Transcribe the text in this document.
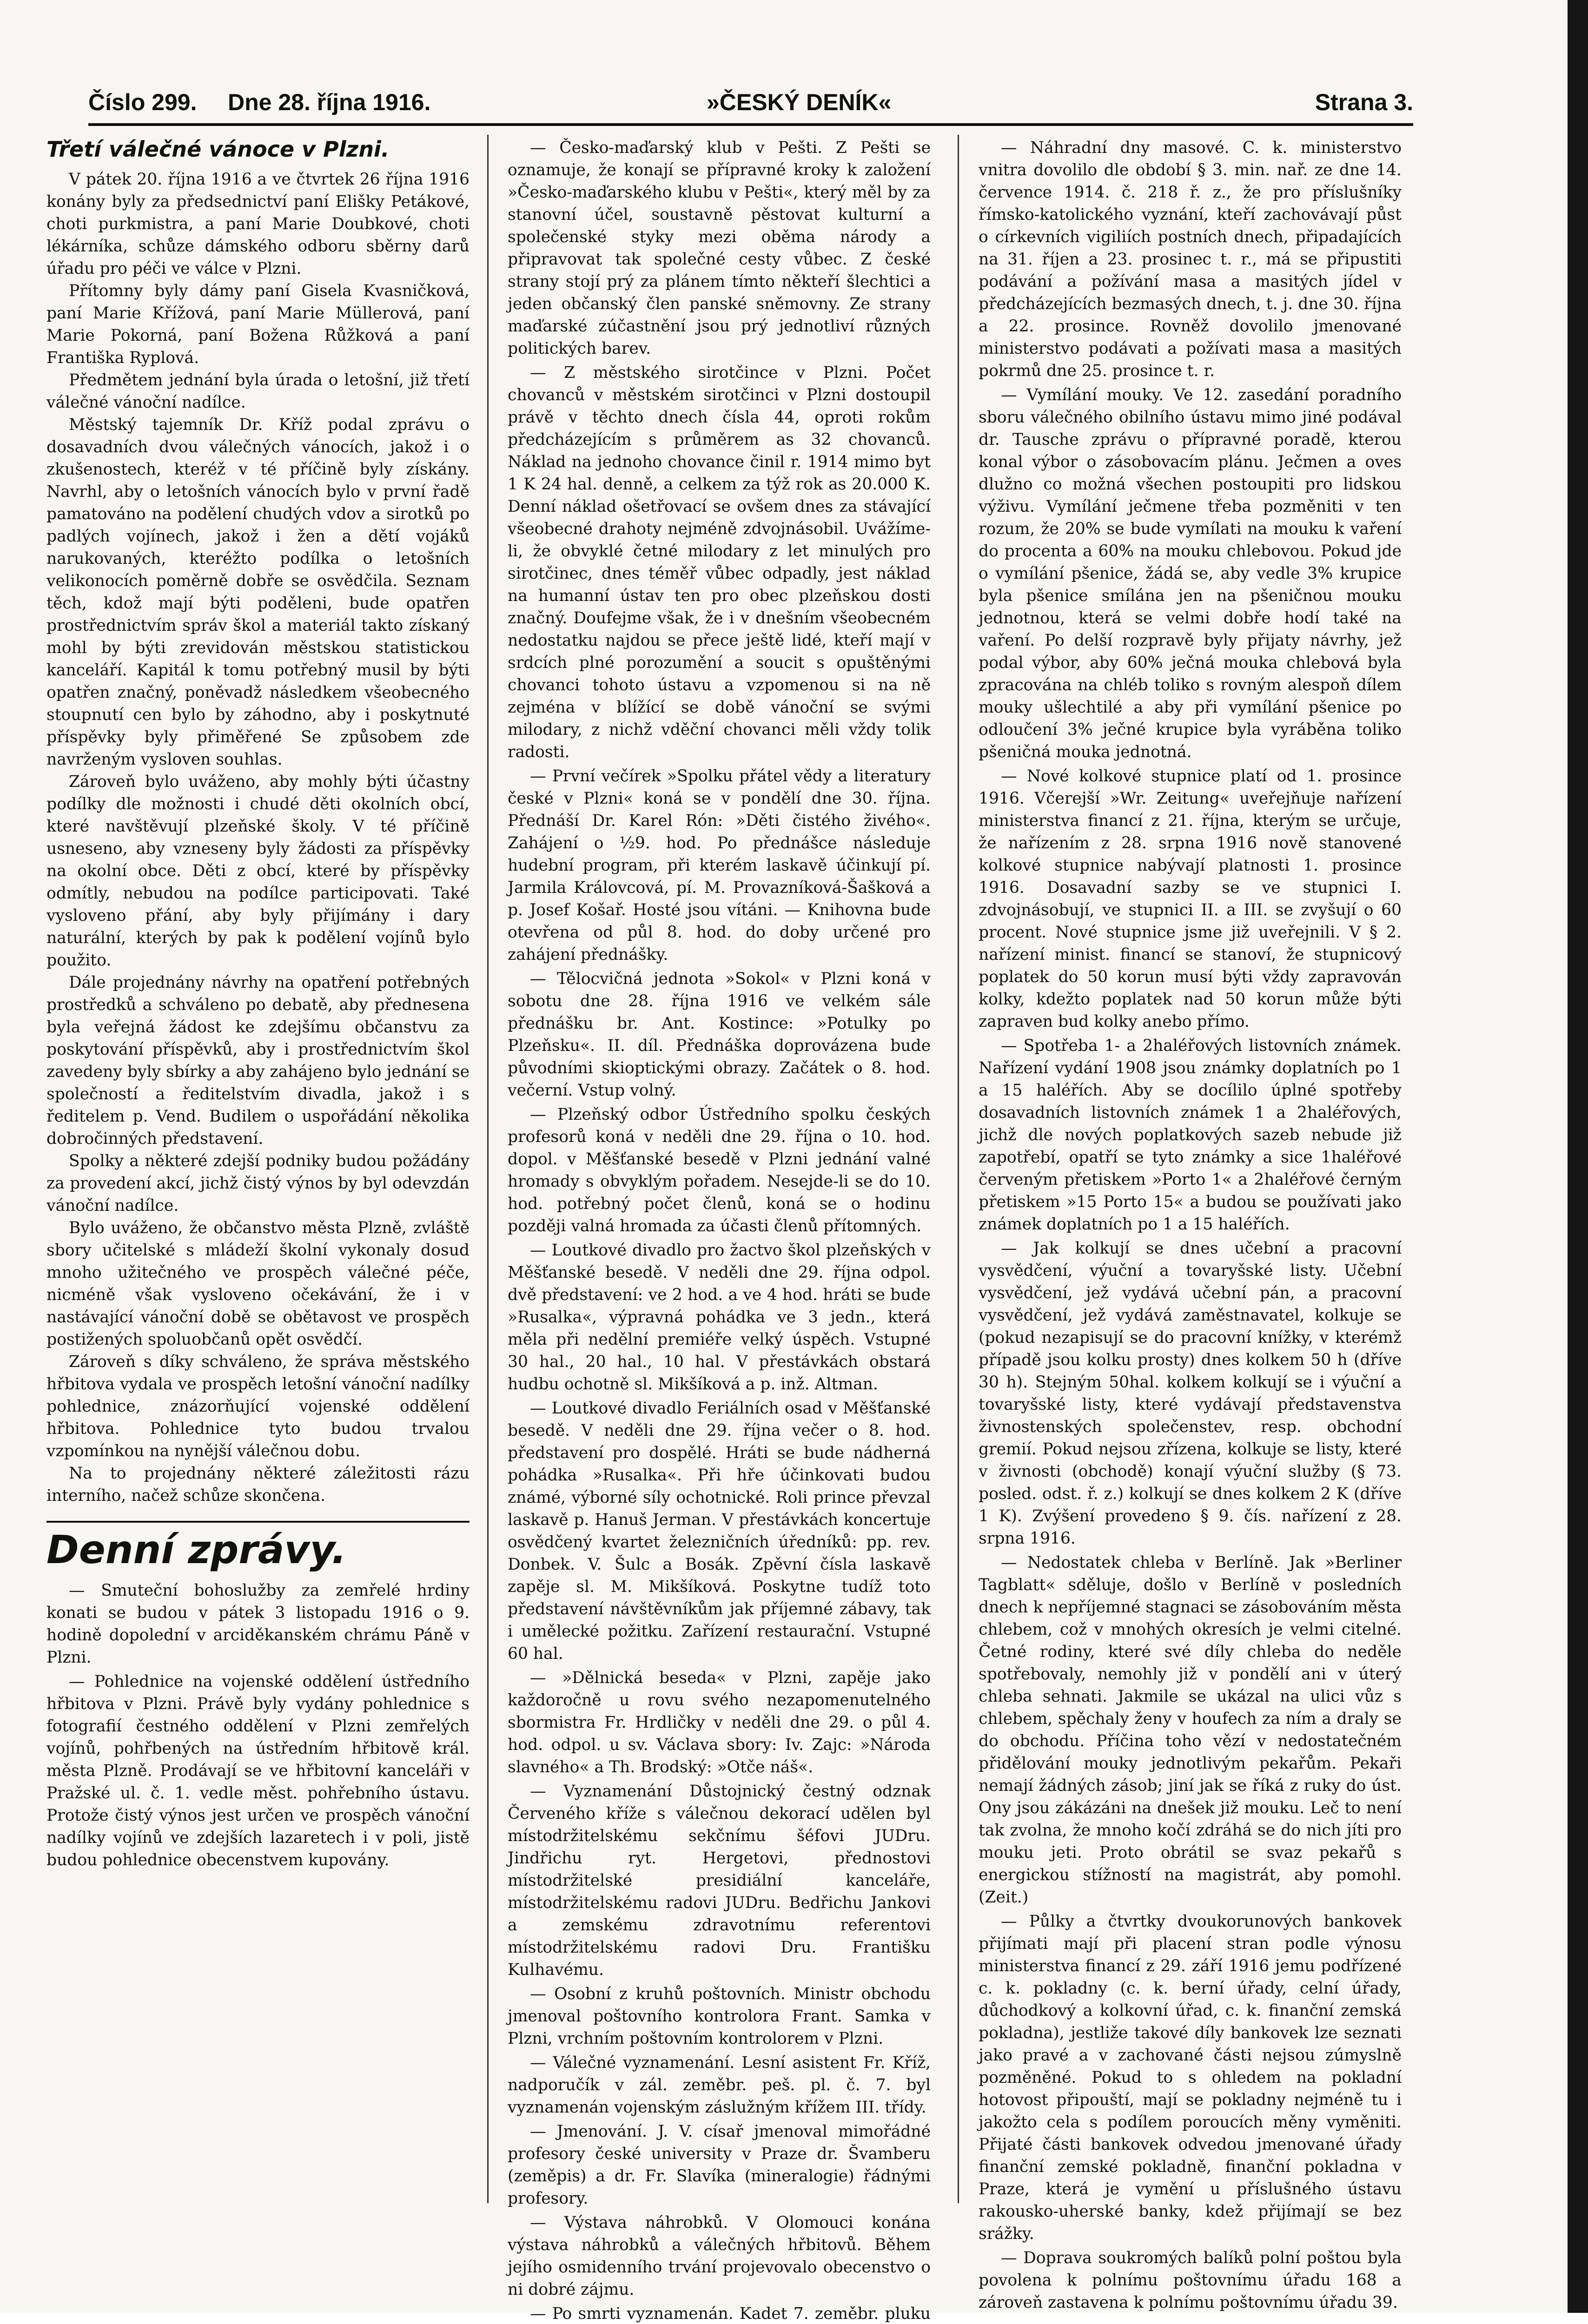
Číslo 299. Dne 28. října 1916.	»ČESKÝ DENÍK«	Strana 3.
Třetí válečné vánoce v Plzni.

V pátek 20. října 1916 a ve čtvrtek 26 října 1916 konány byly za předsednictví paní Elišky Petákové, choti purkmistra, a paní Marie Doubkové, choti lékárníka, schůze dámského odboru sběrny darů úřadu pro péči ve válce v Plzni.

Přítomny byly dámy paní Gisela Kvasničková, paní Marie Křížová, paní Marie Müllerová, paní Marie Pokorná, paní Božena Růžková a paní Františka Ryplová.

Předmětem jednání byla úrada o letošní, již třetí válečné vánoční nadílce.

Městský tajemník Dr. Kříž podal zprávu o dosavadních dvou válečných vánocích, jakož i o zkušenostech, kteréž v té příčině byly získány. Navrhl, aby o letošních vánocích bylo v první řadě pamatováno na podělení chudých vdov a sirotků po padlých vojínech, jakož i žen a dětí vojáků narukovaných, kteréžto podílka o letošních velikonocích poměrně dobře se osvědčila. Seznam těch, kdož mají býti poděleni, bude opatřen prostřednictvím správ škol a materiál takto získaný mohl by býti zrevidován městskou statistickou kanceláří. Kapitál k tomu potřebný musil by býti opatřen značný, poněvadž následkem všeobecného stoupnutí cen bylo by záhodno, aby i poskytnuté příspěvky byly přiměřené Se způsobem zde navrženým vysloven souhlas.

Zároveň bylo uváženo, aby mohly býti účastny podílky dle možnosti i chudé děti okolních obcí, které navštěvují plzeňské školy. V té příčině usneseno, aby vzneseny byly žádosti za příspěvky na okolní obce. Děti z obcí, které by příspěvky odmítly, nebudou na podílce participovati. Také vysloveno přání, aby byly přijímány i dary naturální, kterých by pak k podělení vojínů bylo použito.

Dále projednány návrhy na opatření potřebných prostředků a schváleno po debatě, aby přednesena byla veřejná žádost ke zdejšímu občanstvu za poskytování příspěvků, aby i prostřednictvím škol zavedeny byly sbírky a aby zahájeno bylo jednání se společností a ředitelstvím divadla, jakož i s ředitelem p. Vend. Budilem o uspořádání několika dobročinných představení.

Spolky a některé zdejší podniky budou požádány za provedení akcí, jichž čistý výnos by byl odevzdán vánoční nadílce.

Bylo uváženo, že občanstvo města Plzně, zvláště sbory učitelské s mládeží školní vykonaly dosud mnoho užitečného ve prospěch válečné péče, nicméně však vysloveno očekávání, že i v nastávající vánoční době se obětavost ve prospěch postižených spoluobčanů opět osvědčí.

Zároveň s díky schváleno, že správa městského hřbitova vydala ve prospěch letošní vánoční nadílky pohlednice, znázorňující vojenské oddělení hřbitova. Pohlednice tyto budou trvalou vzpomínkou na nynější válečnou dobu.

Na to projednány některé záležitosti rázu interního, načež schůze skončena.

Denní zprávy.

— Smuteční bohoslužby za zemřelé hrdiny konati se budou v pátek 3 listopadu 1916 o 9. hodině dopolední v arciděkanském chrámu Páně v Plzni.

— Pohlednice na vojenské oddělení ústředního hřbitova v Plzni. Právě byly vydány pohlednice s fotografií čestného oddělení v Plzni zemřelých vojínů, pohřbených na ústředním hřbitově král. města Plzně. Prodávají se ve hřbitovní kanceláři v Pražské ul. č. 1. vedle měst. pohřebního ústavu. Protože čistý výnos jest určen ve prospěch vánoční nadílky vojínů ve zdejších lazaretech i v poli, jistě budou pohlednice obecenstvem kupovány.

— Česko-maďarský klub v Pešti. Z Pešti se oznamuje, že konají se přípravné kroky k založení »Česko-maďarského klubu v Pešti«, který měl by za stanovní účel, soustavně pěstovat kulturní a společenské styky mezi oběma národy a připravovat tak společné cesty vůbec. Z české strany stojí prý za plánem tímto někteří šlechtici a jeden občanský člen panské sněmovny. Ze strany maďarské zúčastnění jsou prý jednotliví různých politických barev.

— Z městského sirotčince v Plzni. Počet chovanců v městském sirotčinci v Plzni dostoupil právě v těchto dnech čísla 44, oproti rokům předcházejícím s průměrem as 32 chovanců. Náklad na jednoho chovance činil r. 1914 mimo byt 1 K 24 hal. denně, a celkem za týž rok as 20.000 K. Denní náklad ošetřovací se ovšem dnes za stávající všeobecné drahoty nejméně zdvojnásobil. Uvážíme-li, že obvyklé četné milodary z let minulých pro sirotčinec, dnes téměř vůbec odpadly, jest náklad na humanní ústav ten pro obec plzeňskou dosti značný. Doufejme však, že i v dnešním všeobecném nedostatku najdou se přece ještě lidé, kteří mají v srdcích plné porozumění a soucit s opuštěnými chovanci tohoto ústavu a vzpomenou si na ně zejména v blížící se době vánoční se svými milodary, z nichž vděční chovanci měli vždy tolik radosti.

— První večírek »Spolku přátel vědy a literatury české v Plzni« koná se v pondělí dne 30. října. Přednáší Dr. Karel Rón: »Děti čistého živého«. Zahájení o ½9. hod. Po přednášce následuje hudební program, při kterém laskavě účinkují pí. Jarmila Královcová, pí. M. Provazníková-Šašková a p. Josef Košař. Hosté jsou vítáni. — Knihovna bude otevřena od půl 8. hod. do doby určené pro zahájení přednášky.

— Tělocvičná jednota »Sokol« v Plzni koná v sobotu dne 28. října 1916 ve velkém sále přednášku br. Ant. Kostince: »Potulky po Plzeňsku«. II. díl. Přednáška doprovázena bude původními skioptickými obrazy. Začátek o 8. hod. večerní. Vstup volný.

— Plzeňský odbor Ústředního spolku českých profesorů koná v neděli dne 29. října o 10. hod. dopol. v Měšťanské besedě v Plzni jednání valné hromady s obvyklým pořadem. Nesejde-li se do 10. hod. potřebný počet členů, koná se o hodinu později valná hromada za účasti členů přítomných.

— Loutkové divadlo pro žactvo škol plzeňských v Měšťanské besedě. V neděli dne 29. října odpol. dvě představení: ve 2 hod. a ve 4 hod. hráti se bude »Rusalka«, výpravná pohádka ve 3 jedn., která měla při nedělní premiéře velký úspěch. Vstupné 30 hal., 20 hal., 10 hal. V přestávkách obstará hudbu ochotně sl. Mikšíková a p. inž. Altman.

— Loutkové divadlo Feriálních osad v Měšťanské besedě. V neděli dne 29. října večer o 8. hod. představení pro dospělé. Hráti se bude nádherná pohádka »Rusalka«. Při hře účinkovati budou známé, výborné síly ochotnické. Roli prince převzal laskavě p. Hanuš Jerman. V přestávkách koncertuje osvědčený kvartet železničních úředníků: pp. rev. Donbek. V. Šulc a Bosák. Zpěvní čísla laskavě zapěje sl. M. Mikšíková. Poskytne tudíž toto představení návštěvníkům jak příjemné zábavy, tak i umělecké požitku. Zařízení restaurační. Vstupné 60 hal.

— »Dělnická beseda« v Plzni, zapěje jako každoročně u rovu svého nezapomenutelného sbormistra Fr. Hrdličky v neděli dne 29. o půl 4. hod. odpol. u sv. Václava sbory: Iv. Zajc: »Národa slavného« a Th. Brodský: »Otče náš«.

— Vyznamenání Důstojnický čestný odznak Červeného kříže s válečnou dekorací udělen byl místodržitelskému sekčnímu šéfovi JUDru. Jindřichu ryt. Hergetovi, přednostovi místodržitelské presidiální kanceláře, místodržitelskému radovi JUDru. Bedřichu Jankovi a zemskému zdravotnímu referentovi místodržitelskému radovi Dru. Františku Kulhavému.

— Osobní z kruhů poštovních. Ministr obchodu jmenoval poštovního kontrolora Frant. Samka v Plzni, vrchním poštovním kontrolorem v Plzni.

— Válečné vyznamenání. Lesní asistent Fr. Kříž, nadporučík v zál. zeměbr. peš. pl. č. 7. byl vyznamenán vojenským záslužným křížem III. třídy.

— Jmenování. J. V. císař jmenoval mimořádné profesory české university v Praze dr. Švamberu (zeměpis) a dr. Fr. Slavíka (mineralogie) řádnými profesory.

— Výstava náhrobků. V Olomouci konána výstava náhrobků a válečných hřbitovů. Během jejího osmidenního trvání projevovalo obecenstvo o ni dobré zájmu.

— Po smrti vyznamenán. Kadet 7. zeměbr. pluku

— Náhradní dny masové. C. k. ministerstvo vnitra dovolilo dle období § 3. min. nař. ze dne 14. července 1914. č. 218 ř. z., že pro příslušníky římsko-katolického vyznání, kteří zachovávají půst o církevních vigiliích postních dnech, připadajících na 31. říjen a 23. prosinec t. r., má se připustiti podávání a požívání masa a masitých jídel v předcházejících bezmasých dnech, t. j. dne 30. října a 22. prosince. Rovněž dovolilo jmenované ministerstvo podávati a požívati masa a masitých pokrmů dne 25. prosince t. r.

— Vymílání mouky. Ve 12. zasedání poradního sboru válečného obilního ústavu mimo jiné podával dr. Tausche zprávu o přípravné poradě, kterou konal výbor o zásobovacím plánu. Ječmen a oves dlužno co možná všechen postoupiti pro lidskou výživu. Vymílání ječmene třeba pozměniti v ten rozum, že 20% se bude vymílati na mouku k vaření do procenta a 60% na mouku chlebovou. Pokud jde o vymílání pšenice, žádá se, aby vedle 3% krupice byla pšenice smílána jen na pšeničnou mouku jednotnou, která se velmi dobře hodí také na vaření. Po delší rozpravě byly přijaty návrhy, jež podal výbor, aby 60% ječná mouka chlebová byla zpracována na chléb toliko s rovným alespoň dílem mouky ušlechtilé a aby při vymílání pšenice po odloučení 3% ječné krupice byla vyráběna toliko pšeničná mouka jednotná.

— Nové kolkové stupnice platí od 1. prosince 1916. Včerejší »Wr. Zeitung« uveřejňuje nařízení ministerstva financí z 21. října, kterým se určuje, že nařízením z 28. srpna 1916 nově stanovené kolkové stupnice nabývají platnosti 1. prosince 1916. Dosavadní sazby se ve stupnici I. zdvojnásobují, ve stupnici II. a III. se zvyšují o 60 procent. Nové stupnice jsme již uveřejnili. V § 2. nařízení minist. financí se stanoví, že stupnicový poplatek do 50 korun musí býti vždy zapravován kolky, kdežto poplatek nad 50 korun může býti zapraven bud kolky anebo přímo.

— Spotřeba 1- a 2haléřových listovních známek. Nařízení vydání 1908 jsou známky doplatních po 1 a 15 haléřích. Aby se docílilo úplné spotřeby dosavadních listovních známek 1 a 2haléřových, jichž dle nových poplatkových sazeb nebude již zapotřebí, opatří se tyto známky a sice 1haléřové červeným přetiskem »Porto 1« a 2haléřové černým přetiskem »15 Porto 15« a budou se používati jako známek doplatních po 1 a 15 haléřích.

— Jak kolkují se dnes učební a pracovní vysvědčení, výuční a tovaryšské listy. Učební vysvědčení, jež vydává učební pán, a pracovní vysvědčení, jež vydává zaměstnavatel, kolkuje se (pokud nezapisují se do pracovní knížky, v kterémž případě jsou kolku prosty) dnes kolkem 50 h (dříve 30 h). Stejným 50hal. kolkem kolkují se i výuční a tovaryšské listy, které vydávají představenstva živnostenských společenstev, resp. obchodní gremií. Pokud nejsou zřízena, kolkuje se listy, které v živnosti (obchodě) konají výuční služby (§ 73. posled. odst. ř. z.) kolkují se dnes kolkem 2 K (dříve 1 K). Zvýšení provedeno § 9. čís. nařízení z 28. srpna 1916.

— Nedostatek chleba v Berlíně. Jak »Berliner Tagblatt« sděluje, došlo v Berlíně v posledních dnech k nepříjemné stagnaci se zásobováním města chlebem, což v mnohých okresích je velmi citelné. Četné rodiny, které své díly chleba do neděle spotřebovaly, nemohly již v pondělí ani v úterý chleba sehnati. Jakmile se ukázal na ulici vůz s chlebem, spěchaly ženy v houfech za ním a draly se do obchodu. Příčina toho vězí v nedostatečném přidělování mouky jednotlivým pekařům. Pekaři nemají žádných zásob; jiní jak se říká z ruky do úst. Ony jsou zákázáni na dnešek již mouku. Leč to není tak zvolna, že mnoho kočí zdráhá se do nich jíti pro mouku jeti. Proto obrátil se svaz pekařů s energickou stížností na magistrát, aby pomohl. (Zeit.)

— Půlky a čtvrtky dvoukorunových bankovek přijímati mají při placení stran podle výnosu ministerstva financí z 29. září 1916 jemu podřízené c. k. pokladny (c. k. berní úřady, celní úřady, důchodkový a kolkovní úřad, c. k. finanční zemská pokladna), jestliže takové díly bankovek lze seznati jako pravé a v zachované části nejsou zúmyslně pozměněné. Pokud to s ohledem na pokladní hotovost připouští, mají se pokladny nejméně tu i jakožto cela s podílem poroucích měny vyměniti. Přijaté části bankovek odvedou jmenované úřady finanční zemské pokladně, finanční pokladna v Praze, která je vymění u příslušného ústavu rakousko-uherské banky, kdež přijímají se bez srážky.

— Doprava soukromých balíků polní poštou byla povolena k polnímu poštovnímu úřadu 168 a zároveň zastavena k polnímu poštovnímu úřadu 39.
